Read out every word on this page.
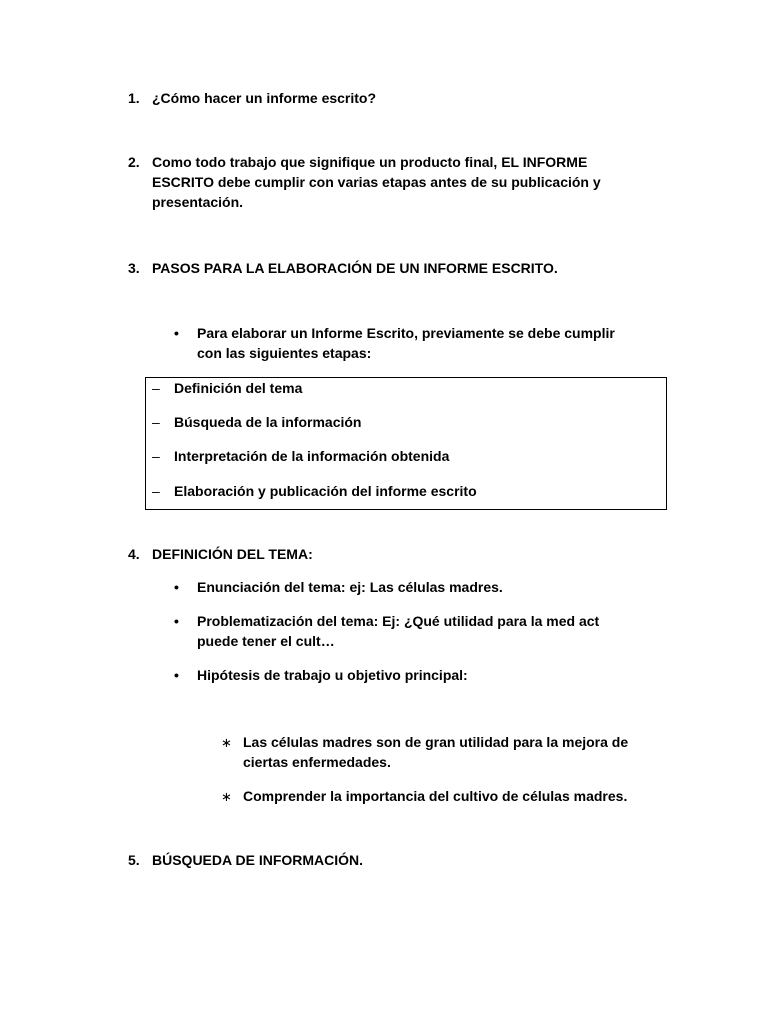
1. ¿Cómo hacer un informe escrito?
2. Como todo trabajo que signifique un producto final, EL INFORME
ESCRITO debe cumplir con varias etapas antes de su publicación y
presentación.
3. PASOS PARA LA ELABORACIÓN DE UN INFORME ESCRITO.
• Para elaborar un Informe Escrito, previamente se debe cumplir
con las siguientes etapas:
– Definición del tema
– Búsqueda de la información
– Interpretación de la información obtenida
– Elaboración y publicación del informe escrito
4. DEFINICIÓN DEL TEMA:
• Enunciación del tema: ej: Las células madres.
• Problematización del tema: Ej: ¿Qué utilidad para la med act
puede tener el cult…
• Hipótesis de trabajo u objetivo principal:
∗ Las células madres son de gran utilidad para la mejora de
ciertas enfermedades.
∗ Comprender la importancia del cultivo de células madres.
5. BÚSQUEDA DE INFORMACIÓN.
